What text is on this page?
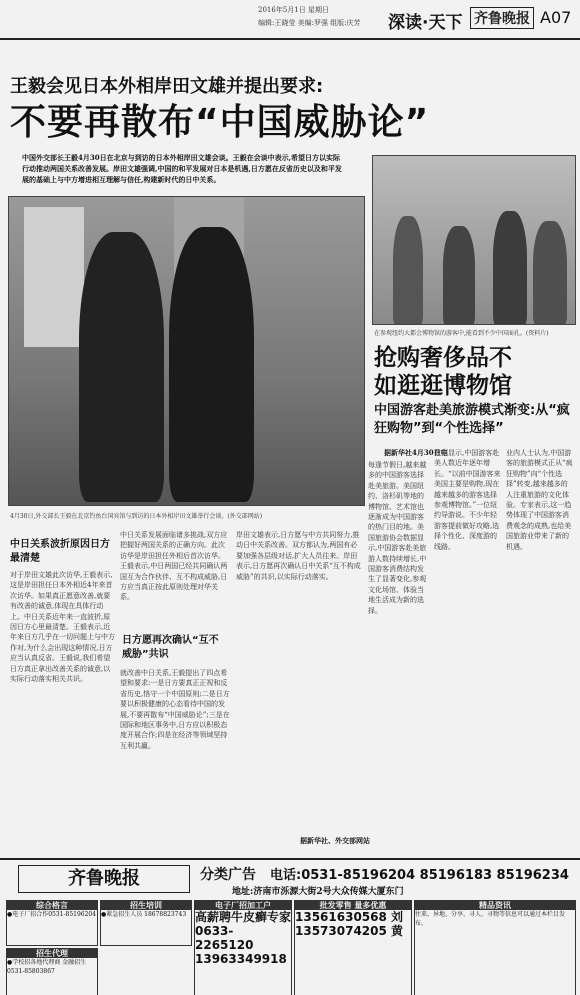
2016年5月1日 星期日
编辑:王晓莹 美编:罗强 组版:庆芳 深读·天下 齐鲁晚报 A07
王毅会见日本外相岸田文雄并提出要求:
不要再散布“中国威胁论”
中国外交部长王毅4月30日在北京与到访的日本外相岸田文雄会谈。王毅在会谈中表示,希望日方以实际行动推动两国关系改善发展。岸田文雄强调,中国的和平发展对日本是机遇,日方愿在反省历史以及和平发展的基础上与中方增进相互理解与信任,构建新时代的日中关系。
4月30日,外交部长王毅在北京钓鱼台国宾馆与到访的日本外相岸田文雄举行会谈。(外交部网站)
中日关系波折原因日方最清楚
对于岸田文雄此次访华,王毅表示,这是岸田担任日本外相近4年来首次访华。如果真正愿意改善,就要有改善的诚意,体现在具体行动上。中日关系近年来一直波折,原因日方心里最清楚。王毅表示,近年来日方几乎在一切问题上与中方作对,为什么会出现这种情况,日方应当认真反省。王毅说,我们希望日方真正拿出改善关系的诚意,以实际行动落实相关共识。
中日关系发展面临诸多挑战,双方应把握好两国关系的正确方向。此次访华是岸田担任外相后首次访华。王毅表示,中日两国已经共同确认两国互为合作伙伴、互不构成威胁,日方应当真正按此原则处理对华关系。
日方愿再次确认“互不威胁”共识
就改善中日关系,王毅提出了四点希望和要求:一是日方要真正正视和反省历史,恪守一个中国原则;二是日方要以积极健康的心态看待中国的发展,不要再散布“中国威胁论”;三是在国际和地区事务中,日方应以积极态度开展合作;四是在经济等领域坚持互利共赢。
岸田文雄表示,日方愿与中方共同努力,推动日中关系改善。双方都认为,两国有必要加强各层级对话,扩大人员往来。岸田表示,日方愿再次确认日中关系“互不构成威胁”的共识,以实际行动落实。
据新华社、外交部网站
在参观纽约大都会博物馆的游客中,能看到不少中国面孔。(资料片)
抢购奢侈品不如逛逛博物馆
中国游客赴美旅游模式渐变:从“疯狂购物”到“个性选择”
据新华社4月30日电
每逢节假日,越来越多的中国游客选择赴美旅游。美国纽约、洛杉矶等地的博物馆、艺术馆也逐渐成为中国游客的热门目的地。美国旅游协会数据显示,中国游客赴美旅游人数持续增长,中国游客消费结构发生了显著变化,参观文化场馆、体验当地生活成为新的选择。
数据显示,中国游客赴美人数近年逐年增长。“以前中国游客来美国主要是购物,现在越来越多的游客选择参观博物馆。”一位纽约导游说。不少年轻游客提前做好攻略,选择个性化、深度游的线路。
业内人士认为,中国游客的旅游模式正从“疯狂购物”向“个性选择”转变,越来越多的人注重旅游的文化体验。专家表示,这一趋势体现了中国游客消费观念的成熟,也给美国旅游业带来了新的机遇。
齐鲁晚报	分类广告 电话:0531-85196204 85196183 85196234
地址:济南市泺源大街2号大众传媒大厦东门
综合格言
●电子厂招合作0531-85196204
招生培训
●紧急招生人员 18678823743
招生代理
●学校招各地代理商 金融招生0531-85803867
电子厂招加工户
高薪聘牛皮癣专家 0633-2265120 13963349918
批发零售 量多优惠
13561630568 刘 13573074205 黄
精品资讯
往来、异地、分享、寻人、寻物等信息可以通过本栏目发布。
